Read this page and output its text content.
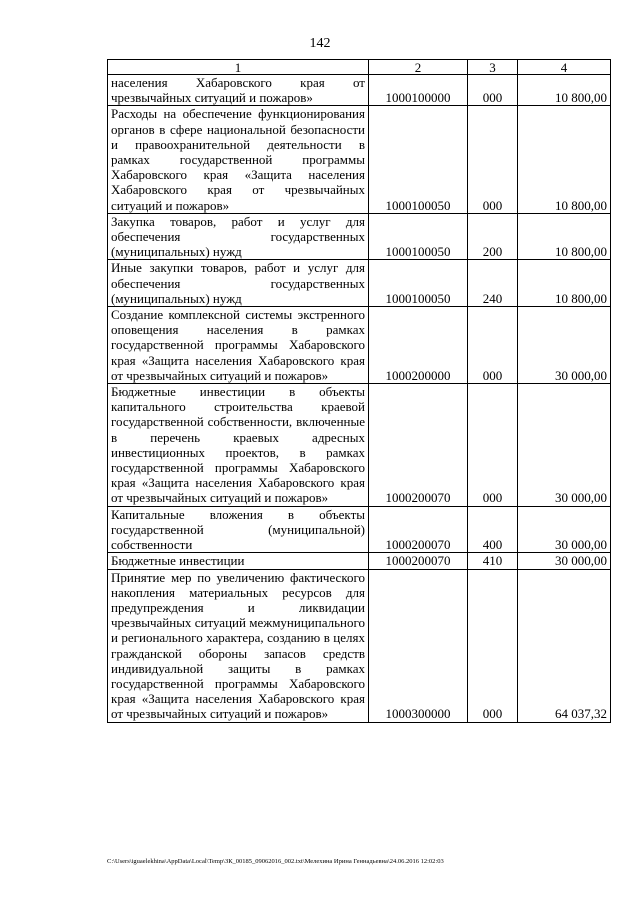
142
1	2	3	4
населения Хабаровского края от чрезвычайных ситуаций и пожаров»	1000100000	000	10 800,00
Расходы на обеспечение функционирования органов в сфере национальной безопасности и правоохранительной деятельности в рамках государственной программы Хабаровского края «Защита населения Хабаровского края от чрезвычайных ситуаций и пожаров»	1000100050	000	10 800,00
Закупка товаров, работ и услуг для обеспечения государственных (муниципальных) нужд	1000100050	200	10 800,00
Иные закупки товаров, работ и услуг для обеспечения государственных (муниципальных) нужд	1000100050	240	10 800,00
Создание комплексной системы экстренного оповещения населения в рамках государственной программы Хабаровского края «Защита населения Хабаровского края от чрезвычайных ситуаций и пожаров»	1000200000	000	30 000,00
Бюджетные инвестиции в объекты капитального строительства краевой государственной собственности, включенные в перечень краевых адресных инвестиционных проектов, в рамках государственной программы Хабаровского края «Защита населения Хабаровского края от чрезвычайных ситуаций и пожаров»	1000200070	000	30 000,00
Капитальные вложения в объекты государственной (муниципальной) собственности	1000200070	400	30 000,00
Бюджетные инвестиции	1000200070	410	30 000,00
Принятие мер по увеличению фактического накопления материальных ресурсов для предупреждения и ликвидации чрезвычайных ситуаций межмуниципального и регионального характера, созданию в целях гражданской обороны запасов средств индивидуальной защиты в рамках государственной программы Хабаровского края «Защита населения Хабаровского края от чрезвычайных ситуаций и пожаров»	1000300000	000	64 037,32
C:\Users\iguaelekhina\AppData\Local\Temp\ЗК_00185_09062016_002.txt\Мелехина Ирина Геннадьевна\24.06.2016 12:02:03
